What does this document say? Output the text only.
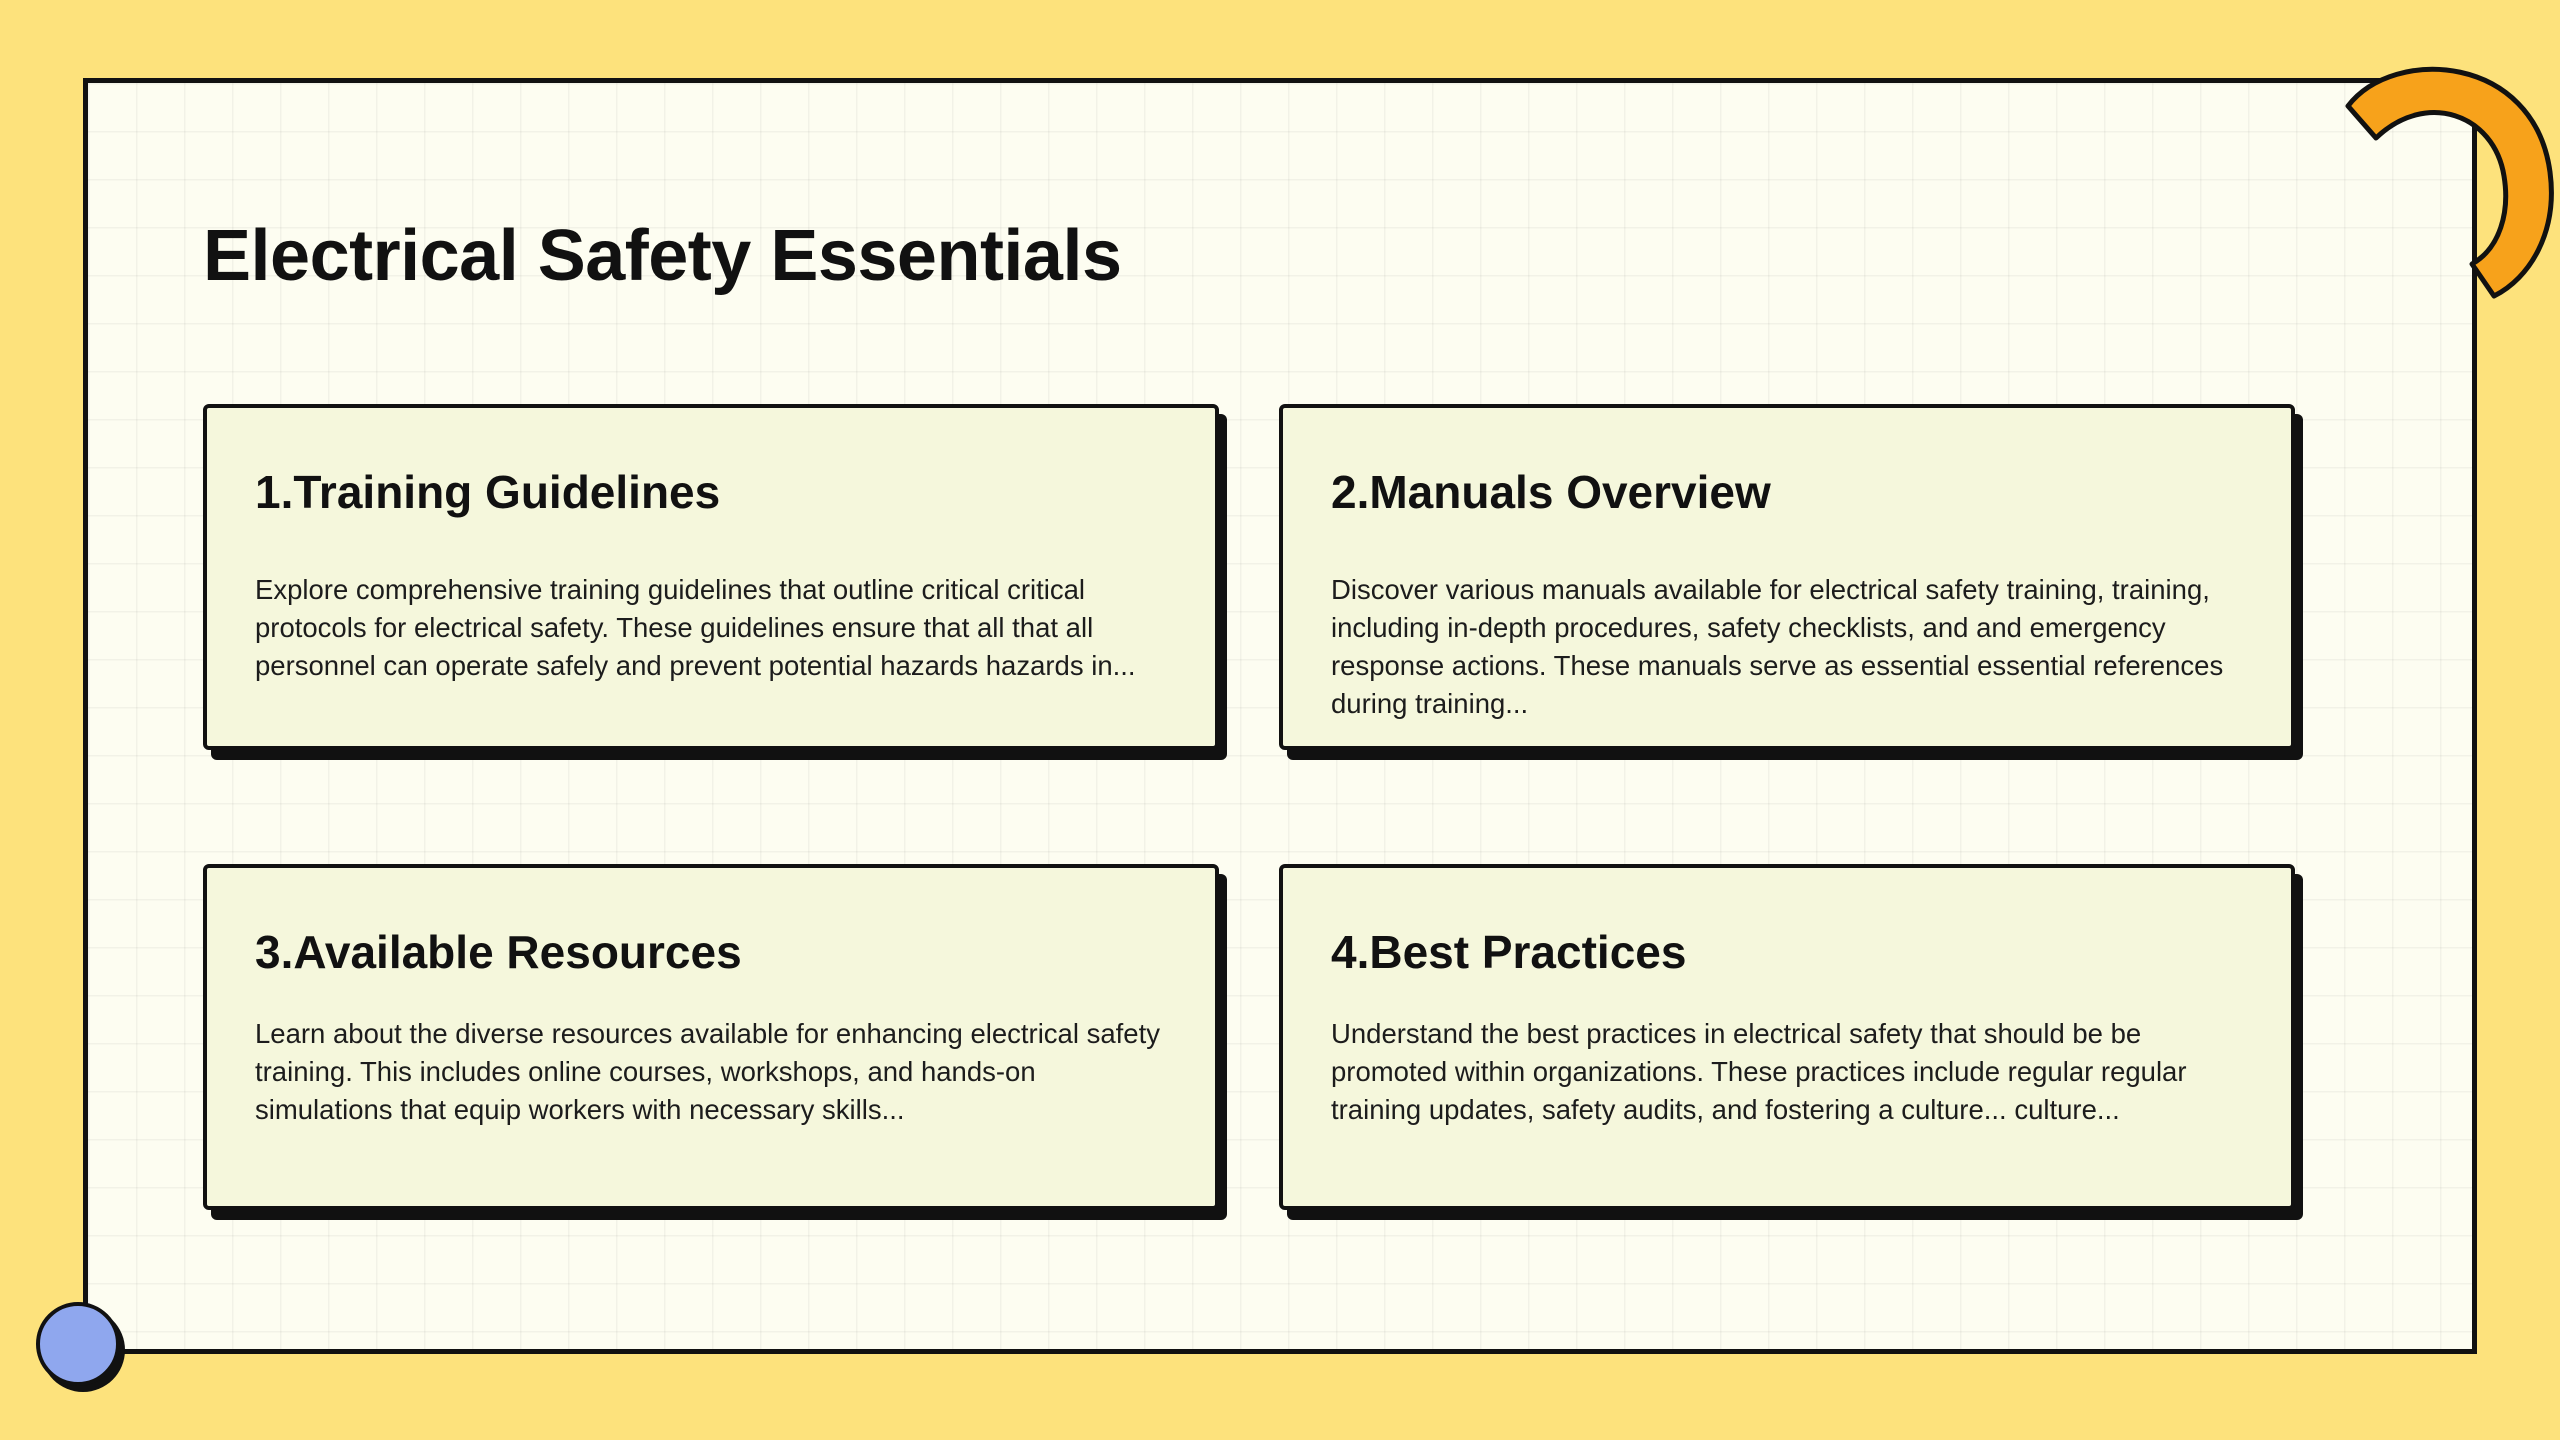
Electrical Safety Essentials
1.Training Guidelines

Explore comprehensive training guidelines that outline critical critical protocols for electrical safety. These guidelines ensure that all that all personnel can operate safely and prevent potential hazards hazards in...

2.Manuals Overview

Discover various manuals available for electrical safety training, training, including in-depth procedures, safety checklists, and and emergency response actions. These manuals serve as essential essential references during training...

3.Available Resources

Learn about the diverse resources available for enhancing electrical safety training. This includes online courses, workshops, and hands-on simulations that equip workers with necessary skills...

4.Best Practices

Understand the best practices in electrical safety that should be be promoted within organizations. These practices include regular regular training updates, safety audits, and fostering a culture... culture...
